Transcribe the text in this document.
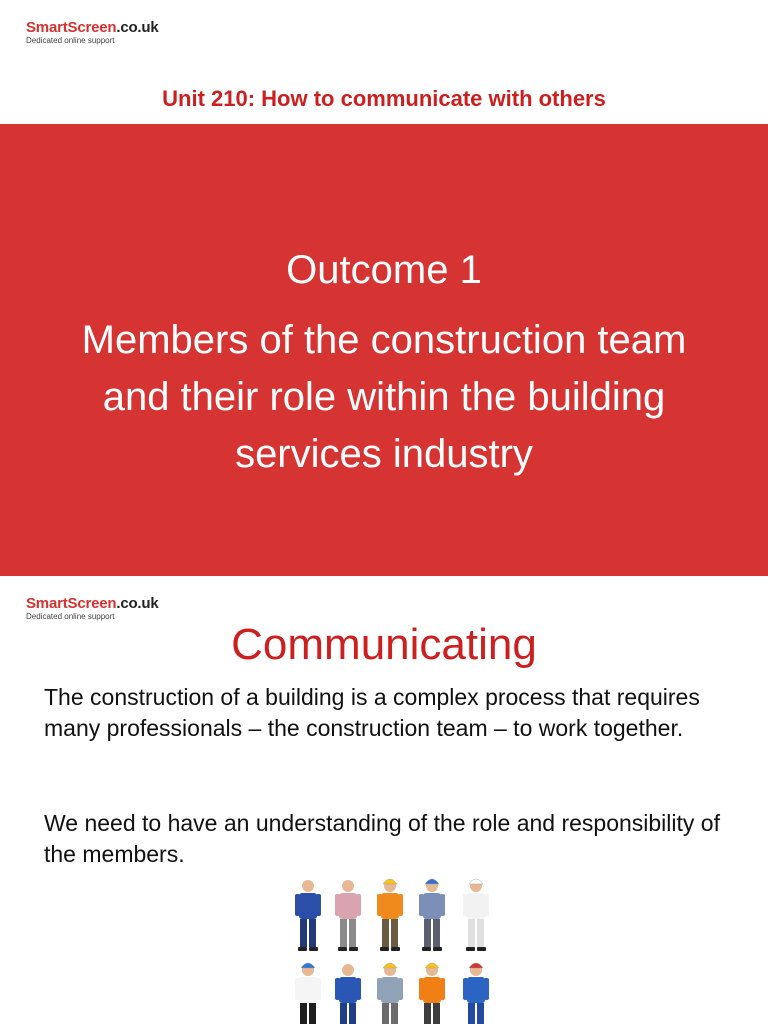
SmartScreen.co.uk
Dedicated online support
Unit 210: How to communicate with others
Outcome 1
Members of the construction team and their role within the building services industry
SmartScreen.co.uk
Dedicated online support
Communicating
The construction of a building is a complex process that requires many professionals – the construction team – to work together.
We need to have an understanding of the role and responsibility of the members.
